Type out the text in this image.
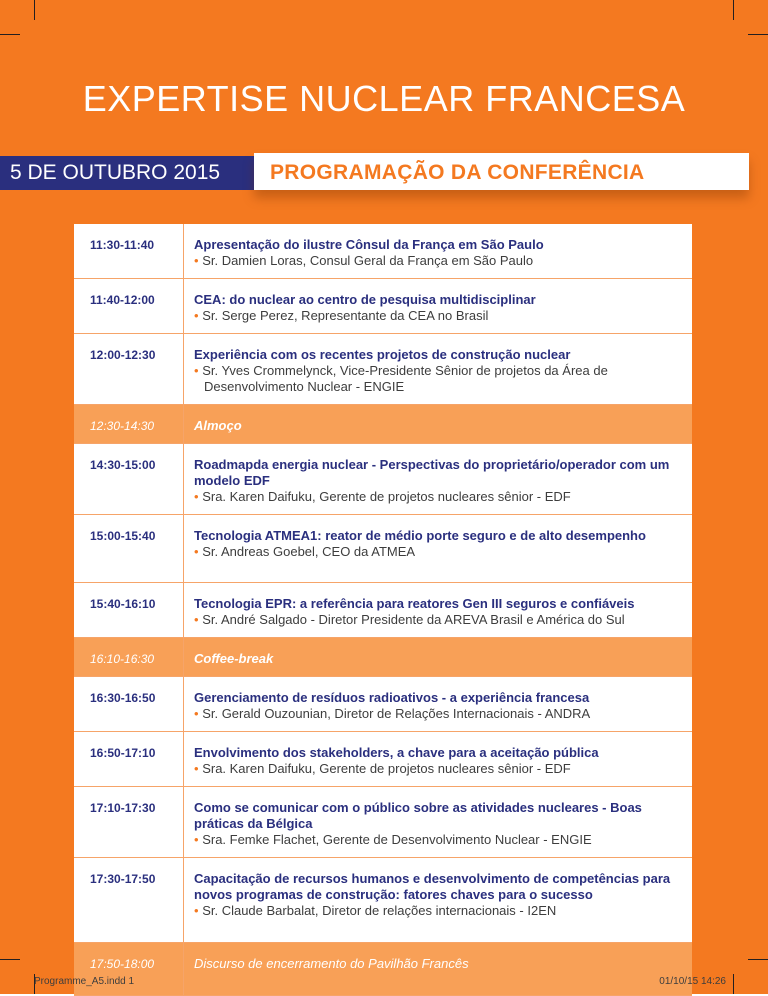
EXPERTISE NUCLEAR FRANCESA
5 DE OUTUBRO 2015 PROGRAMAÇÃO DA CONFERÊNCIA
11:30-11:40	Apresentação do ilustre Cônsul da França em São Paulo
• Sr. Damien Loras, Consul Geral da França em São Paulo
11:40-12:00	CEA: do nuclear ao centro de pesquisa multidisciplinar
• Sr. Serge Perez, Representante da CEA no Brasil
12:00-12:30	Experiência com os recentes projetos de construção nuclear
• Sr. Yves Crommelynck, Vice-Presidente Sênior de projetos da Área de Desenvolvimento Nuclear - ENGIE
12:30-14:30	Almoço
14:30-15:00	Roadmapda energia nuclear - Perspectivas do proprietário/operador com um modelo EDF
• Sra. Karen Daifuku, Gerente de projetos nucleares sênior - EDF
15:00-15:40	Tecnologia ATMEA1: reator de médio porte seguro e de alto desempenho
• Sr. Andreas Goebel, CEO da ATMEA
15:40-16:10	Tecnologia EPR: a referência para reatores Gen III seguros e confiáveis
• Sr. André Salgado - Diretor Presidente da AREVA Brasil e América do Sul
16:10-16:30	Coffee-break
16:30-16:50	Gerenciamento de resíduos radioativos - a experiência francesa
• Sr. Gerald Ouzounian, Diretor de Relações Internacionais - ANDRA
16:50-17:10	Envolvimento dos stakeholders, a chave para a aceitação pública
• Sra. Karen Daifuku, Gerente de projetos nucleares sênior - EDF
17:10-17:30	Como se comunicar com o público sobre as atividades nucleares - Boas práticas da Bélgica
• Sra. Femke Flachet, Gerente de Desenvolvimento Nuclear - ENGIE
17:30-17:50	Capacitação de recursos humanos e desenvolvimento de competências para novos programas de construção: fatores chaves para o sucesso
• Sr. Claude Barbalat, Diretor de relações internacionais - I2EN
17:50-18:00	Discurso de encerramento do Pavilhão Francês
Programme_A5.indd 1	01/10/15 14:26
